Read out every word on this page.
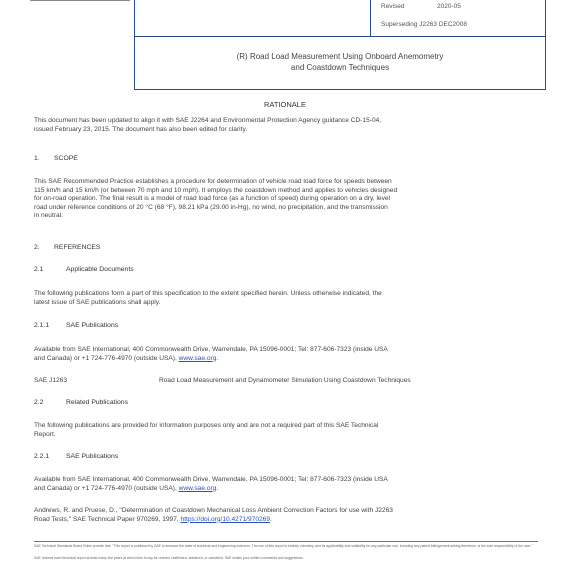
Revised	2020-05
Superseding J2263 DEC2008
(R) Road Load Measurement Using Onboard Anemometry
and Coastdown Techniques
RATIONALE
This document has been updated to align it with SAE J2264 and Environmental Protection Agency guidance CD-15-04,
issued February 23, 2015. The document has also been edited for clarity.
1. SCOPE
This SAE Recommended Practice establishes a procedure for determination of vehicle road load force for speeds between
115 km/h and 15 km/h (or between 70 mph and 10 mph). It employs the coastdown method and applies to vehicles designed
for on-road operation. The final result is a model of road load force (as a function of speed) during operation on a dry, level
road under reference conditions of 20 °C (68 °F), 98.21 kPa (29.00 in-Hg), no wind, no precipitation, and the transmission
in neutral.
2. REFERENCES
2.1	Applicable Documents
The following publications form a part of this specification to the extent specified herein. Unless otherwise indicated, the
latest issue of SAE publications shall apply.
2.1.1 SAE Publications
Available from SAE International, 400 Commonwealth Drive, Warrendale, PA 15096-0001; Tel: 877-606-7323 (inside USA
and Canada) or +1 724-776-4970 (outside USA), www.sae.org.
SAE J1263	Road Load Measurement and Dynamometer Simulation Using Coastdown Techniques
2.2	Related Publications
The following publications are provided for information purposes only and are not a required part of this SAE Technical
Report.
2.2.1 SAE Publications
Available from SAE International, 400 Commonwealth Drive, Warrendale, PA 15096-0001; Tel: 877-606-7323 (inside USA
and Canada) or +1 724-776-4970 (outside USA), www.sae.org.
Andrews, R. and Pruese, D., "Determination of Coastdown Mechanical Loss Ambient Correction Factors for use with J2263
Road Tests," SAE Technical Paper 970269, 1997, https://doi.org/10.4271/970269.
SAE Technical Standards Board Rules provide that: "This report is published by SAE to advance the state of technical and engineering sciences. The use of this report is entirely voluntary, and its applicability and suitability for any particular use, including any patent infringement arising therefrom, is the sole responsibility of the user."
SAE reviews each technical report at least every five years at which time it may be revised, reaffirmed, stabilized, or cancelled. SAE invites your written comments and suggestions.
